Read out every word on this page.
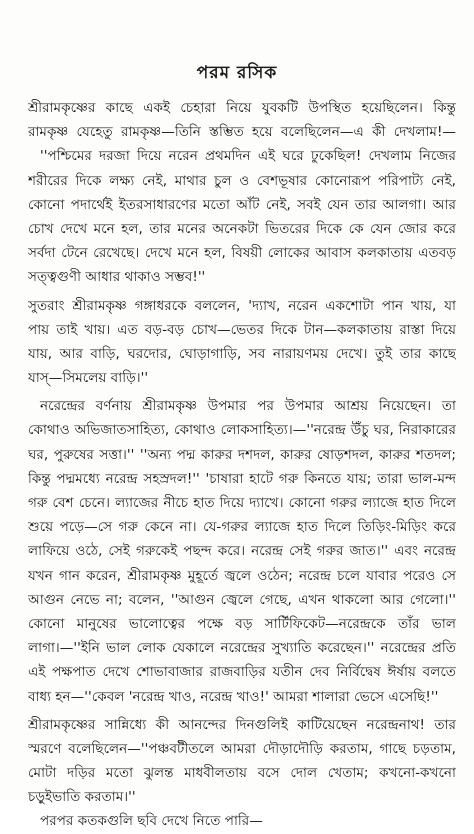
পরম রসিক
শ্রীরামকৃষ্ণের কাছে একই চেহারা নিয়ে যুবকটি উপস্থিত হয়েছিলেন। কিন্তু
রামকৃষ্ণ যেহেতু রামকৃষ্ণ—তিনি স্তম্ভিত হয়ে বলেছিলেন—এ কী দেখলাম!—
''পশ্চিমের দরজা দিয়ে নরেন প্রথমদিন এই ঘরে ঢুকেছিল! দেখলাম নিজের
শরীরের দিকে লক্ষ্য নেই, মাথার চুল ও বেশভূষার কোনোরূপ পরিপাট্য নেই,
কোনো পদার্থেই ইতরসাধারণের মতো আঁট নেই, সবই যেন তার আলগা। আর
চোখ দেখে মনে হল, তার মনের অনেকটা ভিতরের দিকে কে যেন জোর করে
সর্বদা টেনে রেখেছে। দেখে মনে হল, বিষয়ী লোকের আবাস কলকাতায় এতবড়
সত্ত্বগুণী আধার থাকাও সম্ভব!''
সুতরাং শ্রীরামকৃষ্ণ গঙ্গাধরকে বললেন, 'দ্যাখ, নরেন একশোটা পান খায়, যা
পায় তাই খায়। এত বড়-বড় চোখ—ভেতর দিকে টান—কলকাতায় রাস্তা দিয়ে
যায়, আর বাড়ি, ঘরদোর, ঘোড়াগাড়ি, সব নারায়ণময় দেখে। তুই তার কাছে
যাস্—সিমলেয় বাড়ি।''
নরেন্দ্রের বর্ণনায় শ্রীরামকৃষ্ণ উপমার পর উপমার আশ্রয় নিয়েছেন। তা
কোথাও অভিজাতসাহিত্য, কোথাও লোকসাহিত্য।—''নরেন্দ্র উঁচু ঘর, নিরাকারের
ঘর, পুরুষের সত্তা।'' ''অন্য পদ্ম কারুর দশদল, কারুর ষোড়শদল, কারুর শতদল;
কিন্তু পদ্মমধ্যে নরেন্দ্র সহস্রদল!'' 'চাষারা হাটে গরু কিনতে যায়; তারা ভাল-মন্দ
গরু বেশ চেনে। ল্যাজের নীচে হাত দিয়ে দ্যাখে। কোনো গরুর ল্যাজে হাত দিলে
শুয়ে পড়ে—সে গরু কেনে না। যে-গরুর ল্যাজে হাত দিলে তিড়িং-মিড়িং করে
লাফিয়ে ওঠে, সেই গরুকেই পছন্দ করে। নরেন্দ্র সেই গরুর জাত।'' এবং নরেন্দ্র
যখন গান করেন, শ্রীরামকৃষ্ণ মুহূর্তে জ্বলে ওঠেন; নরেন্দ্র চলে যাবার পরেও সে
আগুন নেভে না; বলেন, ''আগুন জ্বেলে গেছে, এখন থাকলো আর গেলো।''
কোনো মানুষের ভালোত্বের পক্ষে বড় সার্টিফিকেট—নরেন্দ্রকে তাঁর ভাল
লাগা।—''ইনি ভাল লোক যেকালে নরেন্দ্রের সুখ্যাতি করেছেন।'' নরেন্দ্রের প্রতি
এই পক্ষপাত দেখে শোভাবাজার রাজবাড়ির যতীন দেব নির্বিদ্বেষ ঈর্ষায় বলতে
বাধ্য হন—''কেবল 'নরেন্দ্র খাও, নরেন্দ্র খাও!' আমরা শালারা ভেসে এসেছি!''
শ্রীরামকৃষ্ণের সান্নিধ্যে কী আনন্দের দিনগুলিই কাটিয়েছেন নরেন্দ্রনাথ! তার
স্মরণে বলেছিলেন—''পঞ্চবটীতলে আমরা দৌড়াদৌড়ি করতাম, গাছে চড়তাম,
মোটা দড়ির মতো ঝুলন্ত মাধবীলতায় বসে দোল খেতাম; কখনো-কখনো
চড়ুইভাতি করতাম।''
পরপর কতকগুলি ছবি দেখে নিতে পারি—
